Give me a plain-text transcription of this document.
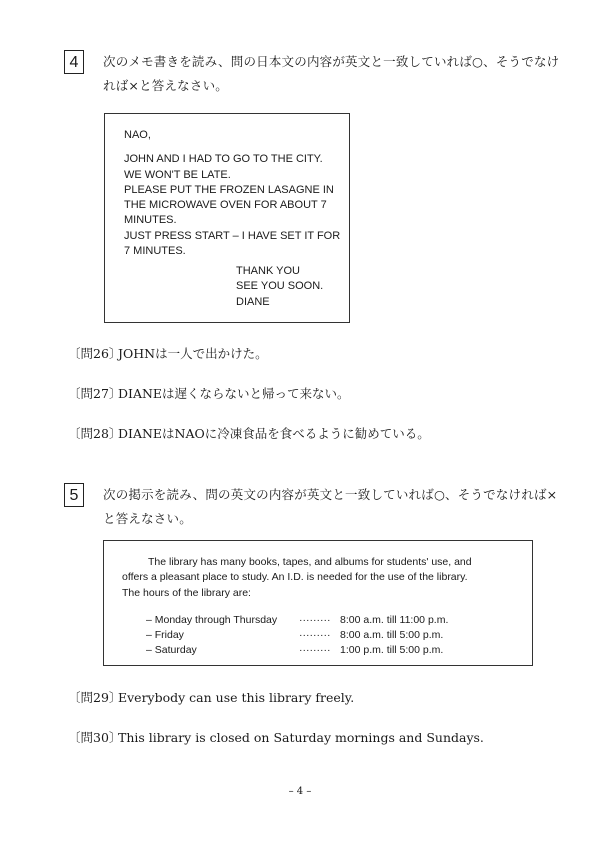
4	次のメモ書きを読み、問の日本文の内容が英文と一致していれば○、そうでなけ
れば×と答えなさい。
NAO,
JOHN AND I HAD TO GO TO THE CITY.
WE WON'T BE LATE.
PLEASE PUT THE FROZEN LASAGNE IN
THE MICROWAVE OVEN FOR ABOUT 7
MINUTES.
JUST PRESS START – I HAVE SET IT FOR
7 MINUTES.
THANK YOU
SEE YOU SOON.
DIANE
〔問26〕JOHNは一人で出かけた。
〔問27〕DIANEは遅くならないと帰って来ない。
〔問28〕DIANEはNAOに冷凍食品を食べるように勧めている。
5	次の掲示を読み、問の英文の内容が英文と一致していれば○、そうでなければ×
と答えなさい。
The library has many books, tapes, and albums for students' use, and
offers a pleasant place to study. An I.D. is needed for the use of the library.
The hours of the library are:
– Monday through Thursday ········· 8:00 a.m. till 11:00 p.m.
– Friday	········· 8:00 a.m. till 5:00 p.m.
– Saturday	········· 1:00 p.m. till 5:00 p.m.
〔問29〕Everybody can use this library freely.
〔問30〕This library is closed on Saturday mornings and Sundays.
– 4 –
